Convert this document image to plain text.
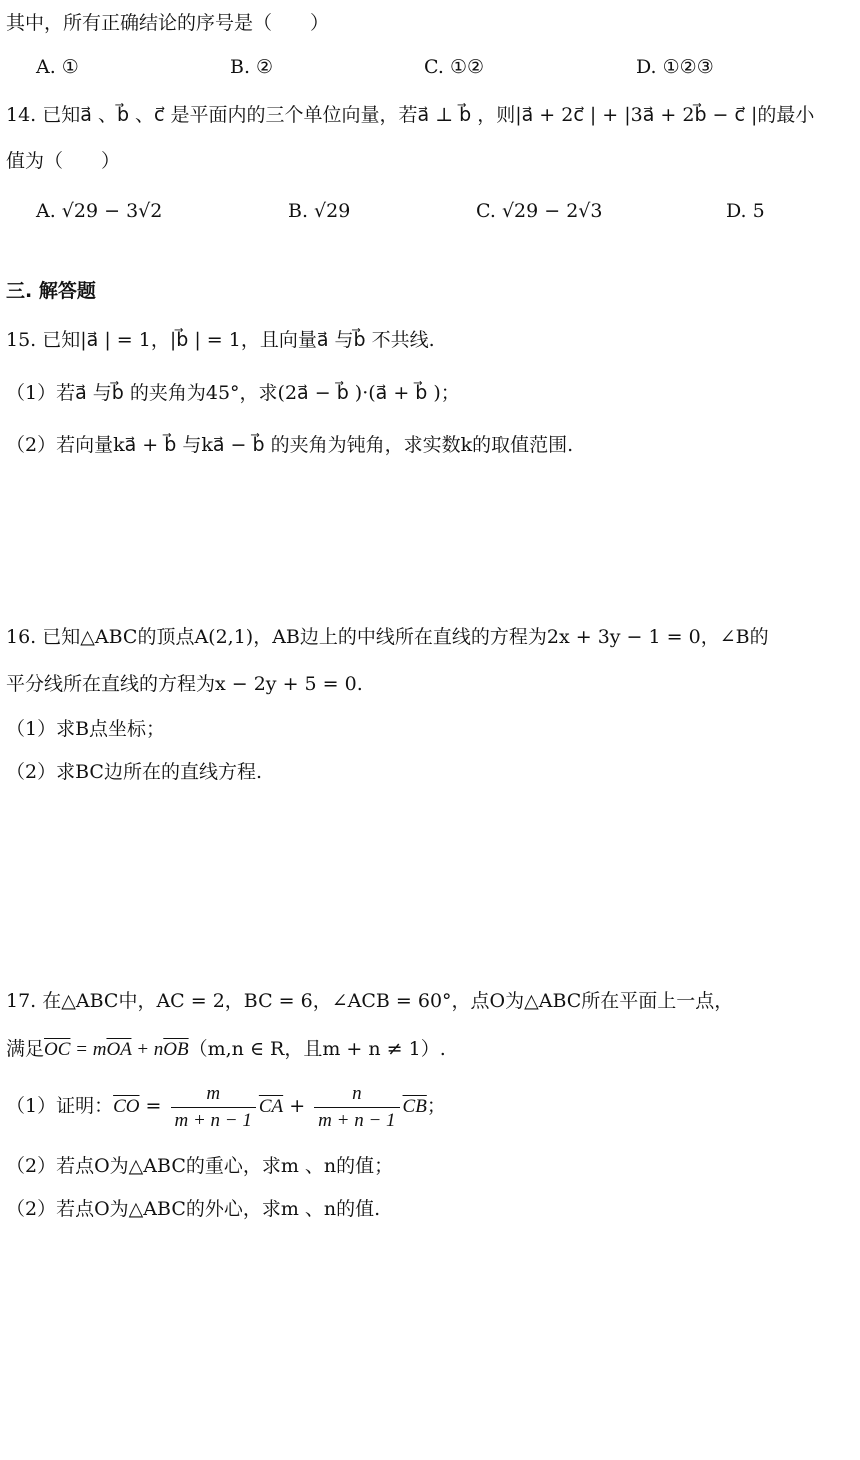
其中，所有正确结论的序号是（　　）
A. ①	B. ②	C. ①②	D. ①②③
14. 已知a⃗ 、b⃗ 、c⃗ 是平面内的三个单位向量，若a⃗ ⊥ b⃗ ，则|a⃗ + 2c⃗ | + |3a⃗ + 2b⃗ − c⃗ |的最小
值为（　　）
A. √29 − 3√2	B. √29	C. √29 − 2√3	D. 5
三. 解答题
15. 已知|a⃗ | = 1，|b⃗ | = 1，且向量a⃗ 与b⃗ 不共线.
（1）若a⃗ 与b⃗ 的夹角为45°，求(2a⃗ − b⃗ )·(a⃗ + b⃗ )；
（2）若向量ka⃗ + b⃗ 与ka⃗ − b⃗ 的夹角为钝角，求实数k的取值范围.
16. 已知△ABC的顶点A(2,1)，AB边上的中线所在直线的方程为2x + 3y − 1 = 0，∠B的
平分线所在直线的方程为x − 2y + 5 = 0.
（1）求B点坐标；
（2）求BC边所在的直线方程.
17. 在△ABC中，AC = 2，BC = 6，∠ACB = 60°，点O为△ABC所在平面上一点，
满足$\overline{OC} = m\overline{OA} + n\overline{OB}(m,n$ ∈ R，且m + n ≠ 1）.
（1）证明：$\overline{CO} = \frac{m}{m + n - 1} \overline{CA} + \frac{n}{m + n - 1} \overline{CB}$；
（2）若点O为△ABC的重心，求m 、n的值；
（2）若点O为△ABC的外心，求m 、n的值.
